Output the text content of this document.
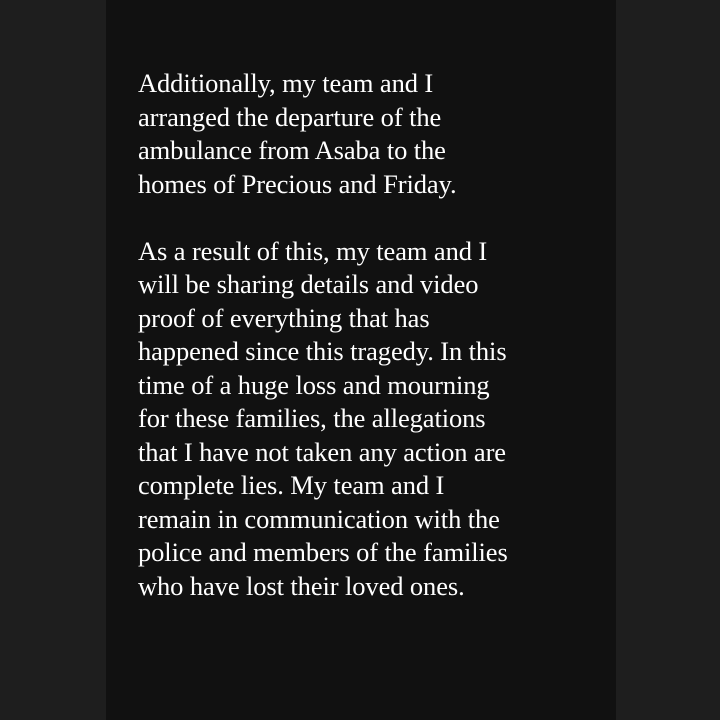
Additionally, my team and I
arranged the departure of the
ambulance from Asaba to the
homes of Precious and Friday.

As a result of this, my team and I
will be sharing details and video
proof of everything that has
happened since this tragedy. In this
time of a huge loss and mourning
for these families, the allegations
that I have not taken any action are
complete lies. My team and I
remain in communication with the
police and members of the families
who have lost their loved ones.
